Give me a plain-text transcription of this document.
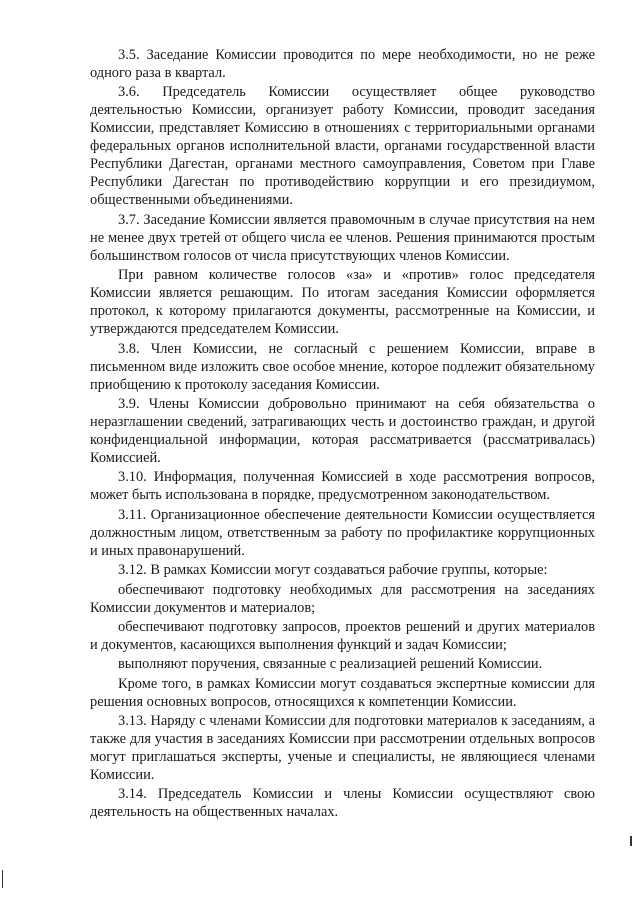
3.5. Заседание Комиссии проводится по мере необходимости, но не реже одного раза в квартал.

3.6. Председатель Комиссии осуществляет общее руководство деятельностью Комиссии, организует работу Комиссии, проводит заседания Комиссии, представляет Комиссию в отношениях с территориальными органами федеральных органов исполнительной власти, органами государственной власти Республики Дагестан, органами местного самоуправления, Советом при Главе Республики Дагестан по противодействию коррупции и его президиумом, общественными объединениями.

3.7. Заседание Комиссии является правомочным в случае присутствия на нем не менее двух третей от общего числа ее членов. Решения принимаются простым большинством голосов от числа присутствующих членов Комиссии.

При равном количестве голосов «за» и «против» голос председателя Комиссии является решающим. По итогам заседания Комиссии оформляется протокол, к которому прилагаются документы, рассмотренные на Комиссии, и утверждаются председателем Комиссии.

3.8. Член Комиссии, не согласный с решением Комиссии, вправе в письменном виде изложить свое особое мнение, которое подлежит обязательному приобщению к протоколу заседания Комиссии.

3.9. Члены Комиссии добровольно принимают на себя обязательства о неразглашении сведений, затрагивающих честь и достоинство граждан, и другой конфиденциальной информации, которая рассматривается (рассматривалась) Комиссией.

3.10. Информация, полученная Комиссией в ходе рассмотрения вопросов, может быть использована в порядке, предусмотренном законодательством.

3.11. Организационное обеспечение деятельности Комиссии осуществляется должностным лицом, ответственным за работу по профилактике коррупционных и иных правонарушений.

3.12. В рамках Комиссии могут создаваться рабочие группы, которые:

обеспечивают подготовку необходимых для рассмотрения на заседаниях Комиссии документов и материалов;

обеспечивают подготовку запросов, проектов решений и других материалов и документов, касающихся выполнения функций и задач Комиссии;

выполняют поручения, связанные с реализацией решений Комиссии.

Кроме того, в рамках Комиссии могут создаваться экспертные комиссии для решения основных вопросов, относящихся к компетенции Комиссии.

3.13. Наряду с членами Комиссии для подготовки материалов к заседаниям, а также для участия в заседаниях Комиссии при рассмотрении отдельных вопросов могут приглашаться эксперты, ученые и специалисты, не являющиеся членами Комиссии.

3.14. Председатель Комиссии и члены Комиссии осуществляют свою деятельность на общественных началах.
